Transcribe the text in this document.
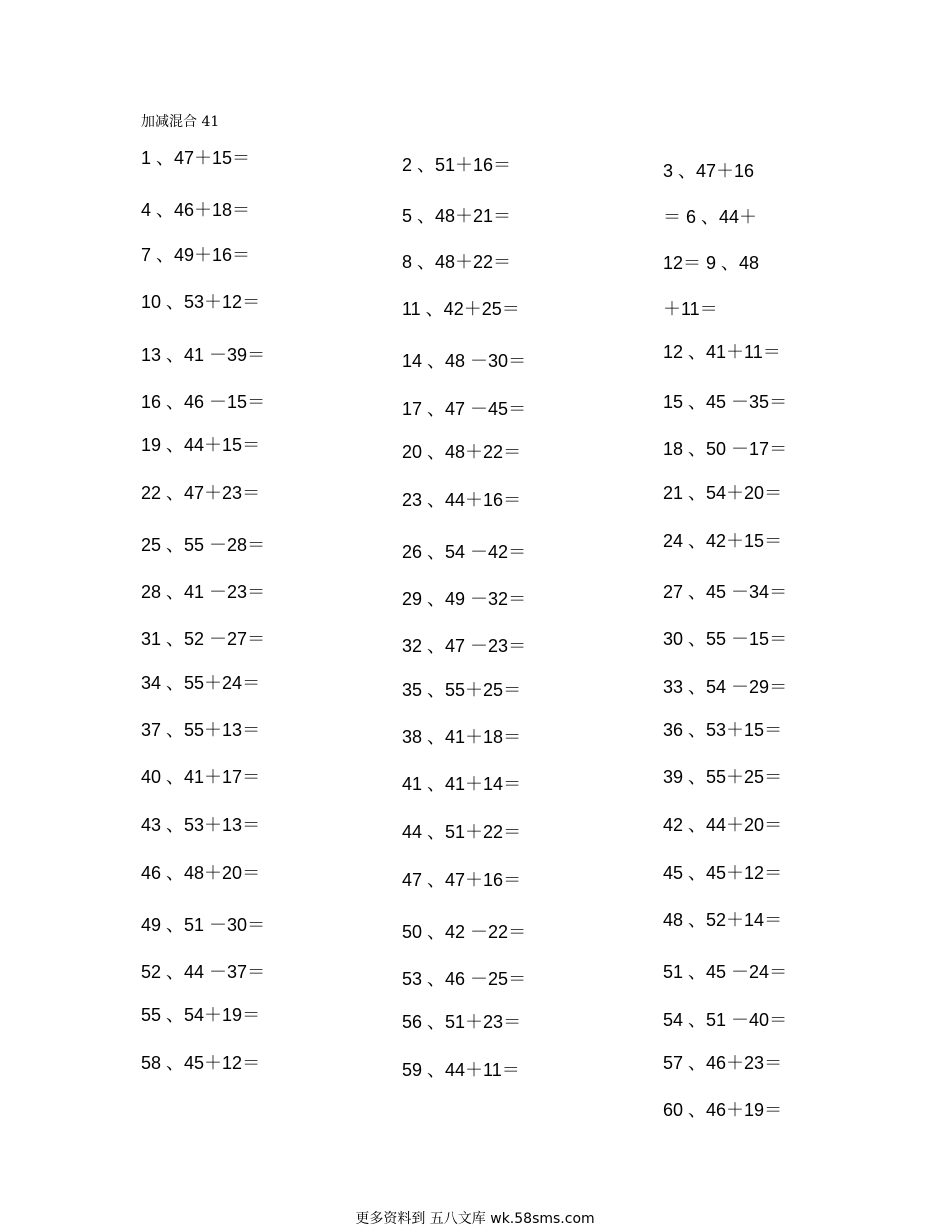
加减混合 41
1 、47＋15＝
4 、46＋18＝
7 、49＋16＝
10 、53＋12＝
13 、41 －39＝
16 、46 －15＝
19 、44＋15＝
22 、47＋23＝
25 、55 －28＝
28 、41 －23＝
31 、52 －27＝
34 、55＋24＝
37 、55＋13＝
40 、41＋17＝
43 、53＋13＝
46 、48＋20＝
49 、51 －30＝
52 、44 －37＝
55 、54＋19＝
58 、45＋12＝
2 、51＋16＝
5 、48＋21＝
8 、48＋22＝
11 、42＋25＝
14 、48 －30＝
17 、47 －45＝
20 、48＋22＝
23 、44＋16＝
26 、54 －42＝
29 、49 －32＝
32 、47 －23＝
35 、55＋25＝
38 、41＋18＝
41 、41＋14＝
44 、51＋22＝
47 、47＋16＝
50 、42 －22＝
53 、46 －25＝
56 、51＋23＝
59 、44＋11＝
3 、47＋16
＝ 6 、44＋
12＝ 9 、48
＋11＝
12 、41＋11＝
15 、45 －35＝
18 、50 －17＝
21 、54＋20＝
24 、42＋15＝
27 、45 －34＝
30 、55 －15＝
33 、54 －29＝
36 、53＋15＝
39 、55＋25＝
42 、44＋20＝
45 、45＋12＝
48 、52＋14＝
51 、45 －24＝
54 、51 －40＝
57 、46＋23＝
60 、46＋19＝
更多资料到 五八文库 wk.58sms.com
